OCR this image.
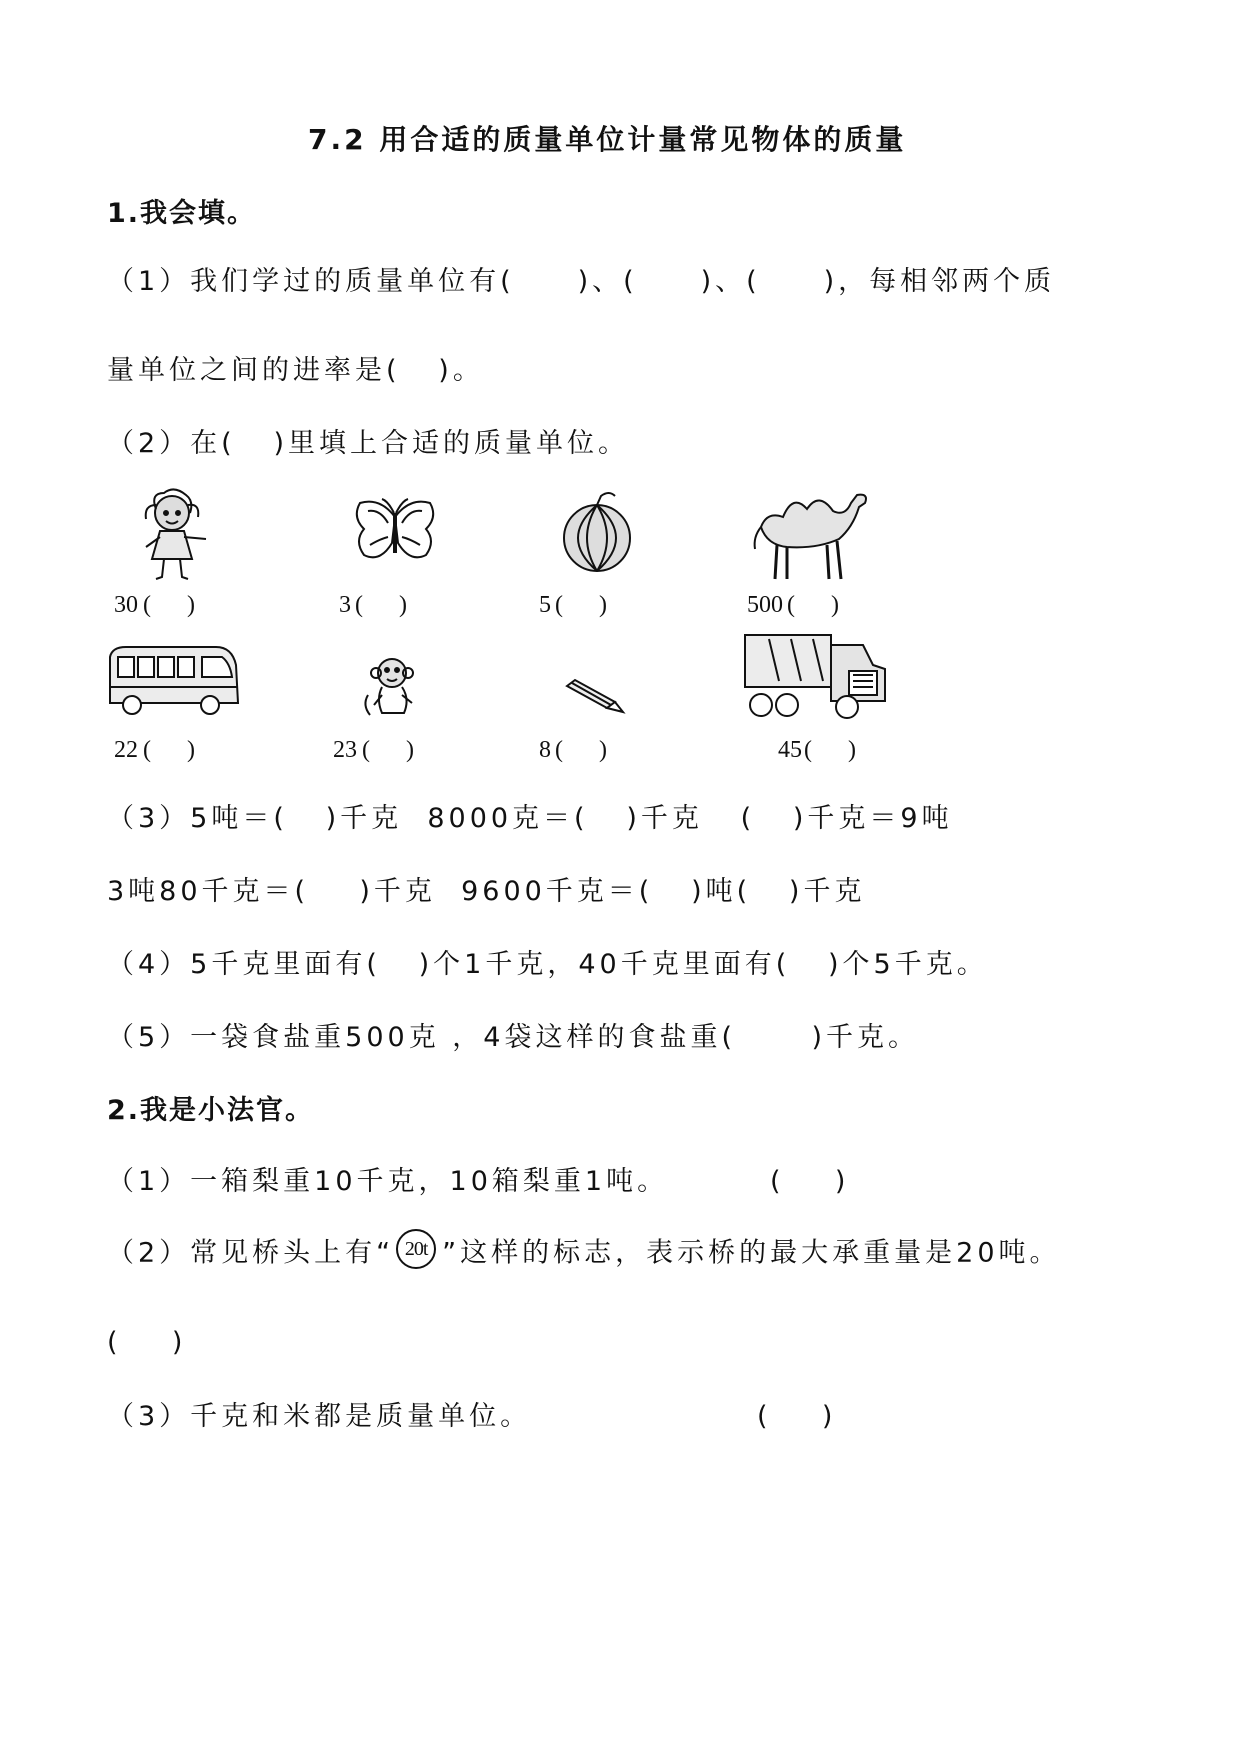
7.2 用合适的质量单位计量常见物体的质量
1.我会填。
（1）我们学过的质量单位有(     )、(     )、(     )，每相邻两个质
量单位之间的进率是(   )。
（2）在(   )里填上合适的质量单位。
30 (      )	3 (      )	5 (      )	500 (      )
22 (      )	23 (      )	8 (      )	45 (      )
（3）5吨＝(   )千克  8000克＝(   )千克   (   )千克＝9吨
3吨80千克＝(    )千克  9600千克＝(   )吨(   )千克
（4）5千克里面有(   )个1千克，40千克里面有(   )个5千克。
（5）一袋食盐重500克 ，4袋这样的食盐重(      )千克。
2.我是小法官。
（1）一箱梨重10千克，10箱梨重1吨。	(    )
（2）常见桥头上有“ 20t ”这样的标志，表示桥的最大承重量是20吨。
(    )
（3）千克和米都是质量单位。	(    )
